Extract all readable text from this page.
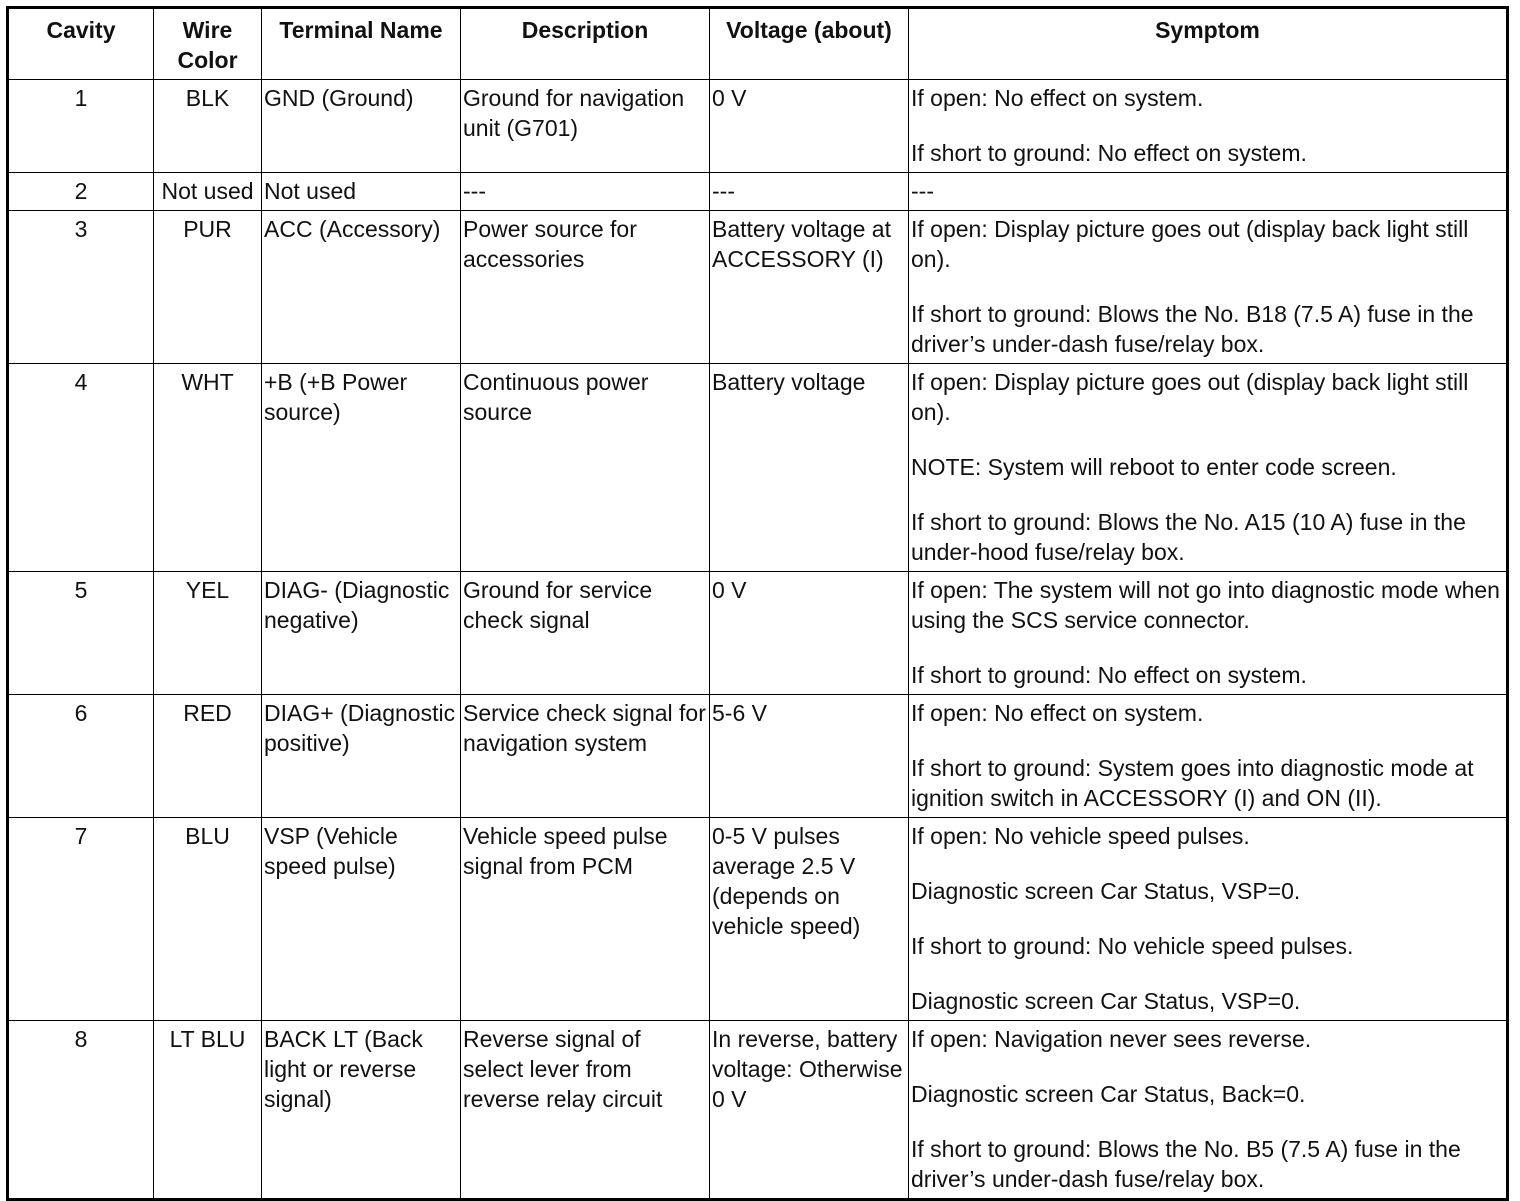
Cavity	Wire Color	Terminal Name	Description	Voltage (about)	Symptom
1	BLK	GND (Ground)	Ground for navigation unit (G701)	0 V	If open: No effect on system.

If short to ground: No effect on system.

2	Not used	Not used	---	---	---

3	PUR	ACC (Accessory)	Power source for accessories	Battery voltage at ACCESSORY (I)	If open: Display picture goes out (display back light still on).

If short to ground: Blows the No. B18 (7.5 A) fuse in the driver’s under-dash fuse/relay box.

4	WHT	+B (+B Power source)	Continuous power source	Battery voltage	If open: Display picture goes out (display back light still on).

NOTE: System will reboot to enter code screen.

If short to ground: Blows the No. A15 (10 A) fuse in the under-hood fuse/relay box.

5	YEL	DIAG- (Diagnostic negative)	Ground for service check signal	0 V	If open: The system will not go into diagnostic mode when using the SCS service connector.

If short to ground: No effect on system.

6	RED	DIAG+ (Diagnostic positive)	Service check signal for navigation system	5-6 V	If open: No effect on system.

If short to ground: System goes into diagnostic mode at ignition switch in ACCESSORY (I) and ON (II).

7	BLU	VSP (Vehicle speed pulse)	Vehicle speed pulse signal from PCM	0-5 V pulses average 2.5 V (depends on vehicle speed)	If open: No vehicle speed pulses.

Diagnostic screen Car Status, VSP=0.

If short to ground: No vehicle speed pulses.

Diagnostic screen Car Status, VSP=0.

8	LT BLU	BACK LT (Back light or reverse signal)	Reverse signal of select lever from reverse relay circuit	In reverse, battery voltage: Otherwise 0 V	If open: Navigation never sees reverse.

Diagnostic screen Car Status, Back=0.

If short to ground: Blows the No. B5 (7.5 A) fuse in the driver’s under-dash fuse/relay box.
